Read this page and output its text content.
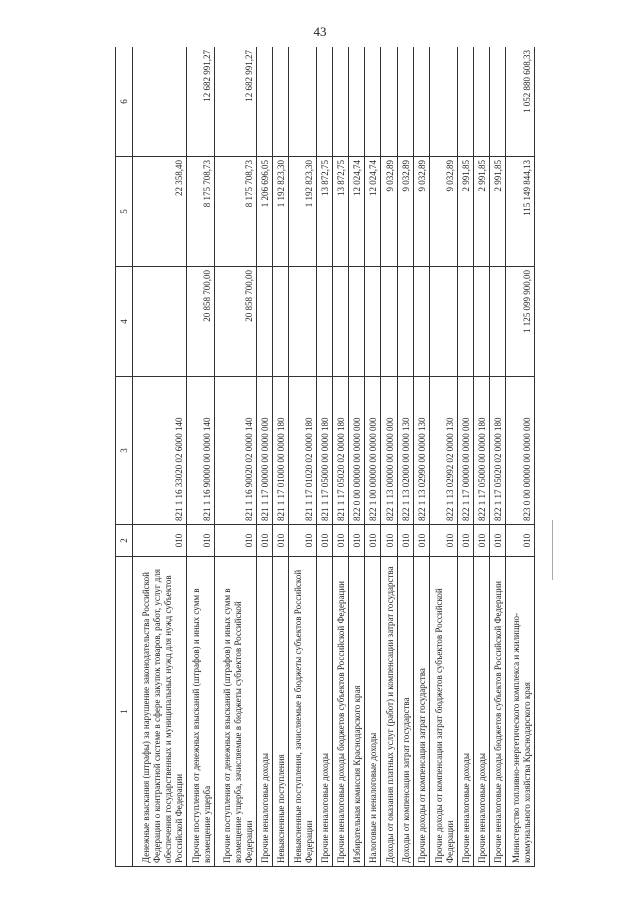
43
1	2	3	4	5	6
Денежные взыскания (штрафы) за нарушение законодательства Российской Федерации о контрактной системе в сфере закупок товаров, работ, услуг для обеспечения государственных и муниципальных нужд для нужд субъектов Российской Федерации	010	821 1 16 33020 02 6000 140		22 358,40	
Прочие поступления от денежных взысканий (штрафов) и иных сумм в возмещение ущерба	010	821 1 16 90000 00 0000 140	20 858 700,00	8 175 708,73	12 682 991,27
Прочие поступления от денежных взысканий (штрафов) и иных сумм в возмещение ущерба, зачисляемые в бюджеты субъектов Российской Федерации	010	821 1 16 90020 02 0000 140	20 858 700,00	8 175 708,73	12 682 991,27
Прочие неналоговые доходы	010	821 1 17 00000 00 0000 000		1 206 696,05	
Невыясненные поступления	010	821 1 17 01000 00 0000 180		1 192 823,30	
Невыясненные поступления, зачисляемые в бюджеты субъектов Российской Федерации	010	821 1 17 01020 02 0000 180		1 192 823,30	
Прочие неналоговые доходы	010	821 1 17 05000 00 0000 180		13 872,75	
Прочие неналоговые доходы бюджетов субъектов Российской Федерации	010	821 1 17 05020 02 0000 180		13 872,75	
Избирательная комиссия Краснодарского края	010	822 0 00 00000 00 0000 000		12 024,74	
Налоговые и неналоговые доходы	010	822 1 00 00000 00 0000 000		12 024,74	
Доходы от оказания платных услуг (работ) и компенсации затрат государства	010	822 1 13 00000 00 0000 000		9 032,89	
Доходы от компенсации затрат государства	010	822 1 13 02000 00 0000 130		9 032,89	
Прочие доходы от компенсации затрат государства	010	822 1 13 02990 00 0000 130		9 032,89	
Прочие доходы от компенсации затрат бюджетов субъектов Российской Федерации	010	822 1 13 02992 02 0000 130		9 032,89	
Прочие неналоговые доходы	010	822 1 17 00000 00 0000 000		2 991,85	
Прочие неналоговые доходы	010	822 1 17 05000 00 0000 180		2 991,85	
Прочие неналоговые доходы бюджетов субъектов Российской Федерации	010	822 1 17 05020 02 0000 180		2 991,85	
Министерство топливно-энергетического комплекса и жилищно-коммунального хозяйства Краснодарского края	010	823 0 00 00000 00 0000 000	1 125 099 900,00	115 149 844,13	1 052 880 608,33
